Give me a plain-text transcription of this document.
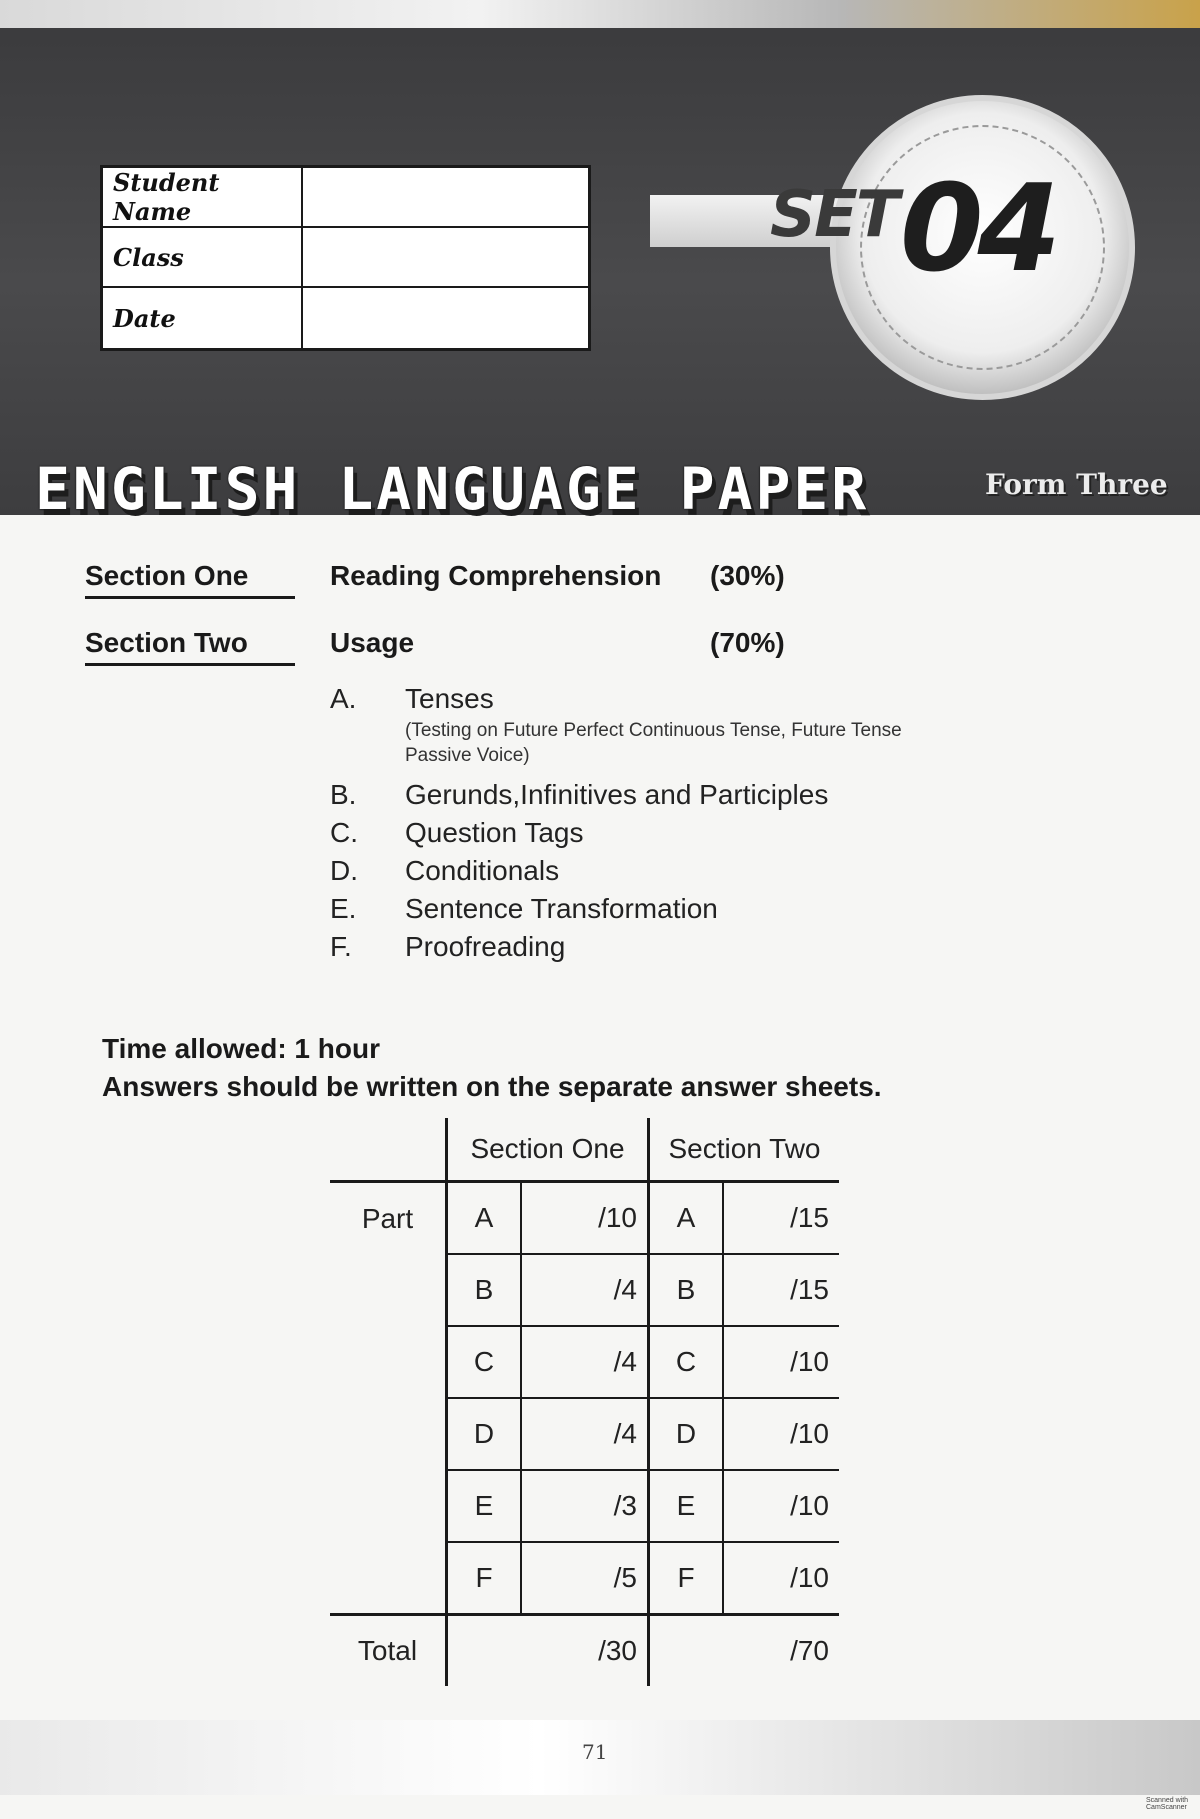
Student Name
Class
Date
SET 04
ENGLISH LANGUAGE PAPER	Form Three
Section One	Reading Comprehension	(30%)
Section Two	Usage	(70%)
A.	Tenses
(Testing on Future Perfect Continuous Tense, Future Tense Passive Voice)
B.	Gerunds,Infinitives and Participles
C.	Question Tags
D.	Conditionals
E.	Sentence Transformation
F.	Proofreading
Time allowed: 1 hour
Answers should be written on the separate answer sheets.
	Section One		Section Two	
Part	A	/10	A	/15
	B	/4	B	/15
	C	/4	C	/10
	D	/4	D	/10
	E	/3	E	/10
	F	/5	F	/10
Total	/30		/70	
71
Scanned with CamScanner
